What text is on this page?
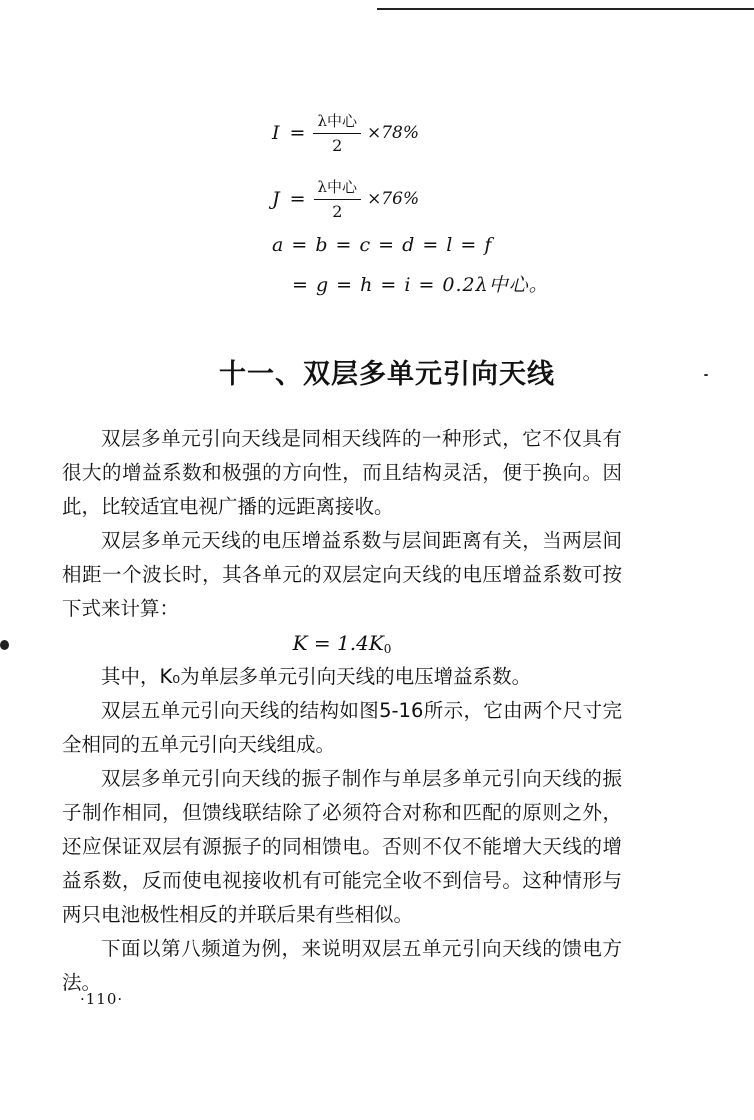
$I = \frac{\text{λ中心}}{2} \times 78\%$
$J = \frac{\text{λ中心}}{2} \times 76\%$
a = b = c = d = l = f
= g = h = i = 0.2λ中心。
十一、双层多单元引向天线

双层多单元引向天线是同相天线阵的一种形式，它不仅具有很大的增益系数和极强的方向性，而且结构灵活，便于换向。因此，比较适宜电视广播的远距离接收。

双层多单元天线的电压增益系数与层间距离有关，当两层间相距一个波长时，其各单元的双层定向天线的电压增益系数可按下式来计算：

$K = 1.4K_0$

其中，K₀为单层多单元引向天线的电压增益系数。

双层五单元引向天线的结构如图5-16所示，它由两个尺寸完全相同的五单元引向天线组成。

双层多单元引向天线的振子制作与单层多单元引向天线的振子制作相同，但馈线联结除了必须符合对称和匹配的原则之外，还应保证双层有源振子的同相馈电。否则不仅不能增大天线的增益系数，反而使电视接收机有可能完全收不到信号。这种情形与两只电池极性相反的并联后果有些相似。

下面以第八频道为例，来说明双层五单元引向天线的馈电方法。

·110·
